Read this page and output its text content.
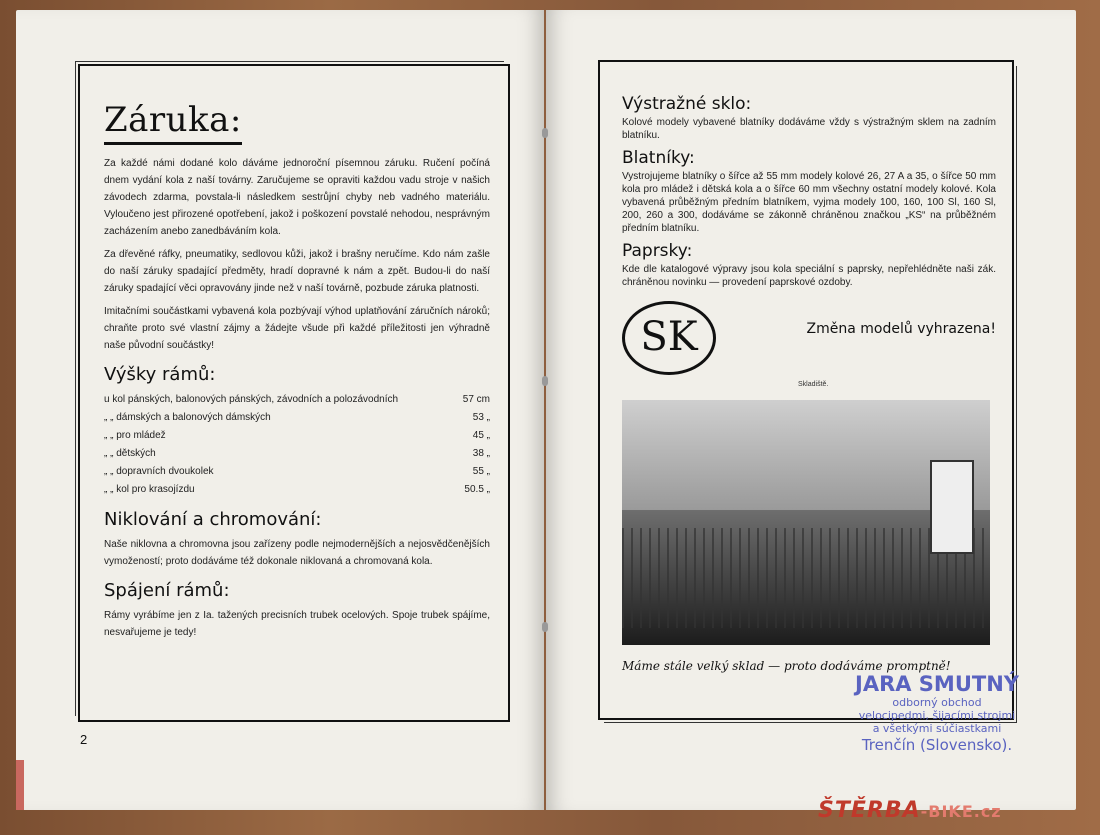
Záruka:

Za každé námi dodané kolo dáváme jednoroční písemnou záruku. Ručení počíná dnem vydání kola z naší továrny. Zaručujeme se opraviti každou vadu stroje v našich závodech zdarma, povstala-li následkem sestrůjní chyby neb vadného materiálu. Vyloučeno jest přirozené opotřebení, jakož i poškození povstalé nehodou, nesprávným zacházením anebo zanedbáváním kola.

Za dřevěné ráfky, pneumatiky, sedlovou kůži, jakož i brašny neručíme. Kdo nám zašle do naší záruky spadající předměty, hradí dopravné k nám a zpět. Budou-li do naší záruky spadající věci opravovány jinde než v naší továrně, pozbude záruka platnosti.

Imitačními součástkami vybavená kola pozbývají výhod uplatňování záručních nároků; chraňte proto své vlastní zájmy a žádejte všude při každé příležitosti jen výhradně naše původní součástky!

Výšky rámů:
u kol pánských, balonových pánských, závodních a polozávodních	57 cm
„ „ dámských a balonových dámských	53 „
„ „ pro mládež	45 „
„ „ dětských	38 „
„ „ dopravních dvoukolek	55 „
„ „ kol pro krasojízdu	50.5 „
Niklování a chromování:

Naše niklovna a chromovna jsou zařízeny podle nejmodernějších a nejosvědčenějších vymožeností; proto dodáváme též dokonale niklovaná a chromovaná kola.

Spájení rámů:

Rámy vyrábíme jen z Ia. tažených precisních trubek ocelových. Spoje trubek spájíme, nesvařujeme je tedy!

2
Výstražné sklo:

Kolové modely vybavené blatníky dodáváme vždy s výstražným sklem na zadním blatníku.

Blatníky:

Vystrojujeme blatníky o šířce až 55 mm modely kolové 26, 27 A a 35, o šířce 50 mm kola pro mládež i dětská kola a o šířce 60 mm všechny ostatní modely kolové. Kola vybavená průběžným předním blatníkem, vyjma modely 100, 160, 100 Sl, 160 Sl, 200, 260 a 300, dodáváme se zákonně chráněnou značkou „KS“ na průběžném předním blatníku.

Paprsky:

Kde dle katalogové výpravy jsou kola speciální s paprsky, nepřehlédněte naši zák. chráněnou novinku — provedení paprskové ozdoby.

SK	Změna modelů vyhrazena!
Skladiště.
Máme stále velký sklad — proto dodáváme promptně!
JARA SMUTNÝ
odborný obchod
velocipedmi, šijacími strojmi
a všetkými súčiastkami
Trenčín (Slovensko).
ŠTĚRBA-BIKE.cz
